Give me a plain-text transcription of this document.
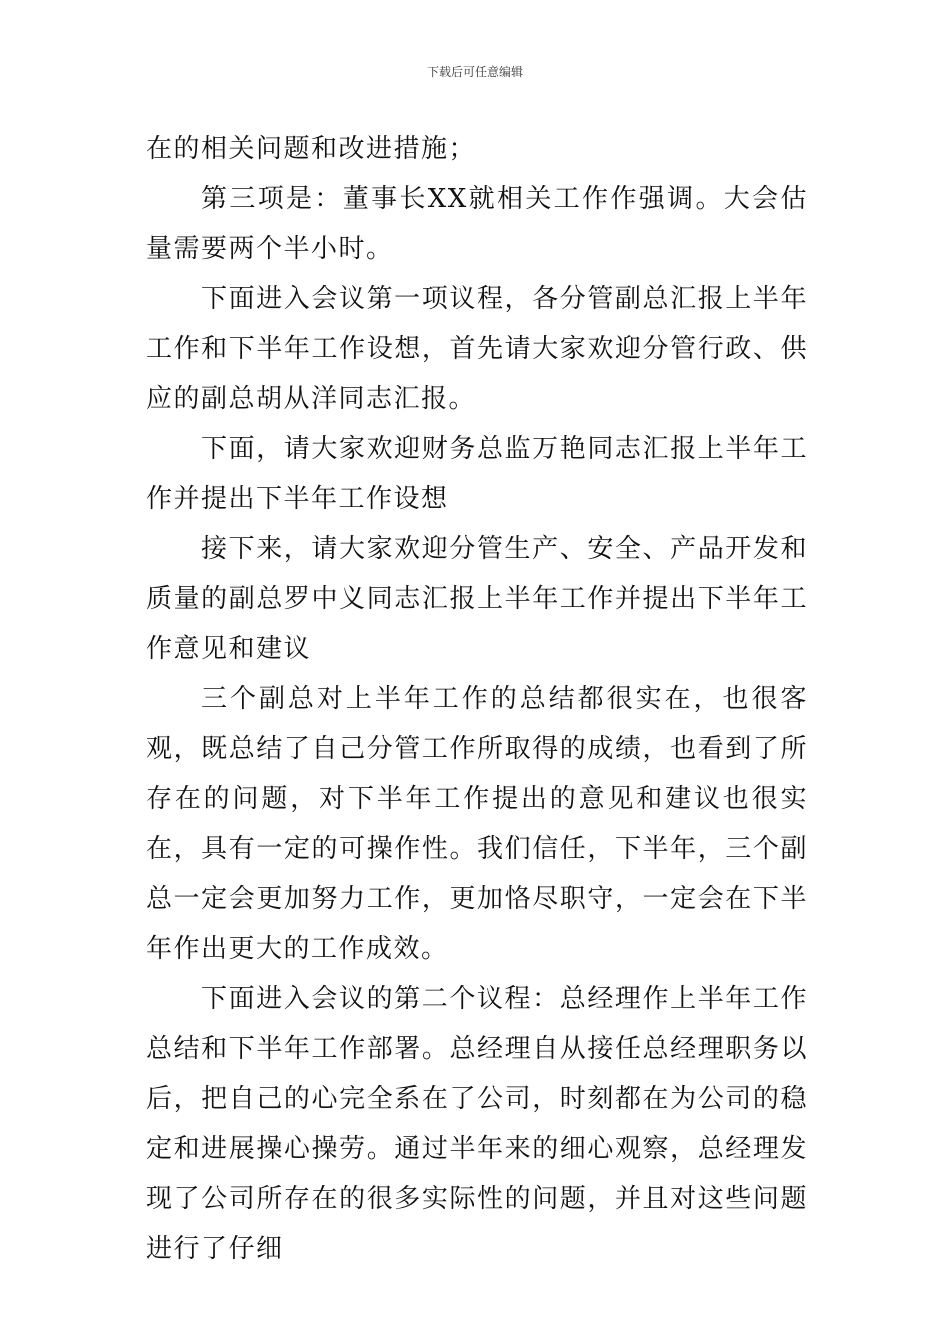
下载后可任意编辑

在的相关问题和改进措施；

第三项是：董事长XX就相关工作作强调。大会估量需要两个半小时。

下面进入会议第一项议程，各分管副总汇报上半年工作和下半年工作设想，首先请大家欢迎分管行政、供应的副总胡从洋同志汇报。

下面，请大家欢迎财务总监万艳同志汇报上半年工作并提出下半年工作设想

接下来，请大家欢迎分管生产、安全、产品开发和质量的副总罗中义同志汇报上半年工作并提出下半年工作意见和建议

三个副总对上半年工作的总结都很实在，也很客观，既总结了自己分管工作所取得的成绩，也看到了所存在的问题，对下半年工作提出的意见和建议也很实在，具有一定的可操作性。我们信任，下半年，三个副总一定会更加努力工作，更加恪尽职守，一定会在下半年作出更大的工作成效。

下面进入会议的第二个议程：总经理作上半年工作总结和下半年工作部署。总经理自从接任总经理职务以后，把自己的心完全系在了公司，时刻都在为公司的稳定和进展操心操劳。通过半年来的细心观察，总经理发现了公司所存在的很多实际性的问题，并且对这些问题进行了仔细
